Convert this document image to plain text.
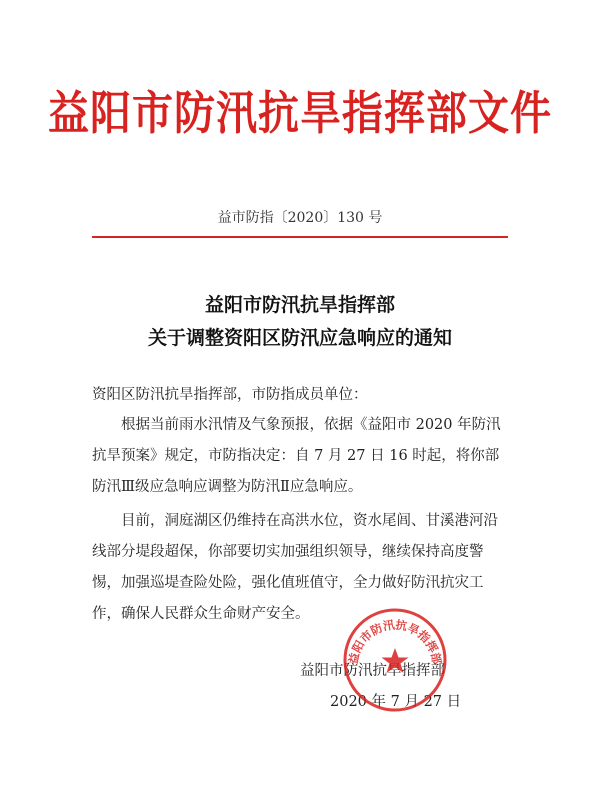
益阳市防汛抗旱指挥部文件
益市防指〔2020〕130 号
益阳市防汛抗旱指挥部
关于调整资阳区防汛应急响应的通知
资阳区防汛抗旱指挥部，市防指成员单位：
根据当前雨水汛情及气象预报，依据《益阳市 2020 年防汛抗旱预案》规定，市防指决定：自 7 月 27 日 16 时起，将你部防汛Ⅲ级应急响应调整为防汛Ⅱ应急响应。
目前，洞庭湖区仍维持在高洪水位，资水尾闾、甘溪港河沿线部分堤段超保，你部要切实加强组织领导，继续保持高度警惕，加强巡堤查险处险，强化值班值守，全力做好防汛抗灾工作，确保人民群众生命财产安全。
益阳市防汛抗旱指挥部
2020 年 7 月 27 日
益阳市防汛抗旱指挥部
